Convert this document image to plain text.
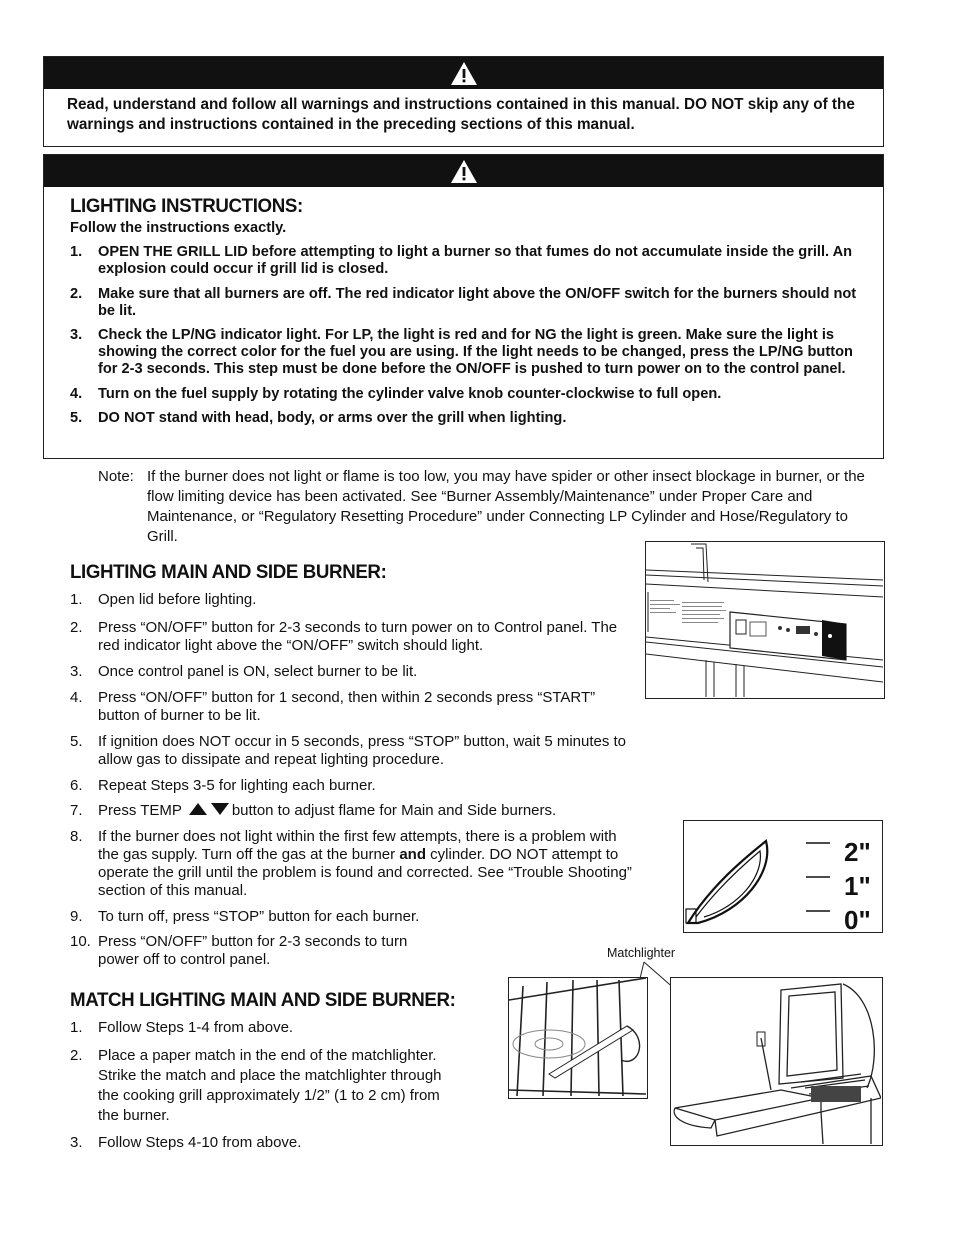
Read, understand and follow all warnings and instructions contained in this manual. DO NOT skip any of the warnings and instructions contained in the preceding sections of this manual.
LIGHTING INSTRUCTIONS:
Follow the instructions exactly.
1. OPEN THE GRILL LID before attempting to light a burner so that fumes do not accumulate inside the grill. An explosion could occur if grill lid is closed.
2. Make sure that all burners are off. The red indicator light above the ON/OFF switch for the burners should not be lit.
3. Check the LP/NG indicator light. For LP, the light is red and for NG the light is green. Make sure the light is showing the correct color for the fuel you are using. If the light needs to be changed, press the LP/NG button for 2-3 seconds. This step must be done before the ON/OFF is pushed to turn power on to the control panel.
4. Turn on the fuel supply by rotating the cylinder valve knob counter-clockwise to full open.
5. DO NOT stand with head, body, or arms over the grill when lighting.
Note: If the burner does not light or flame is too low, you may have spider or other insect blockage in burner, or the flow limiting device has been activated. See “Burner Assembly/Maintenance” under Proper Care and Maintenance, or “Regulatory Resetting Procedure” under Connecting LP Cylinder and Hose/Regulatory to Grill.
LIGHTING MAIN AND SIDE BURNER:
1. Open lid before lighting.
2. Press “ON/OFF” button for 2-3 seconds to turn power on to Control panel. The red indicator light above the “ON/OFF” switch should light.
3. Once control panel is ON, select burner to be lit.
4. Press “ON/OFF” button for 1 second, then within 2 seconds press “START” button of burner to be lit.
5. If ignition does NOT occur in 5 seconds, press “STOP” button, wait 5 minutes to allow gas to dissipate and repeat lighting procedure.
6. Repeat Steps 3-5 for lighting each burner.
7. Press TEMP	button to adjust flame for Main and Side burners.
8. If the burner does not light within the first few attempts, there is a problem with the gas supply. Turn off the gas at the burner and cylinder. DO NOT attempt to operate the grill until the problem is found and corrected. See “Trouble Shooting” section of this manual.
9. To turn off, press “STOP” button for each burner.
10. Press “ON/OFF” button for 2-3 seconds to turn power off to control panel.
MATCH LIGHTING MAIN AND SIDE BURNER:
1. Follow Steps 1-4 from above.
2. Place a paper match in the end of the matchlighter. Strike the match and place the matchlighter through the cooking grill approximately 1/2” (1 to 2 cm) from the burner.
3. Follow Steps 4-10 from above.
2"
1"
0"
Matchlighter
